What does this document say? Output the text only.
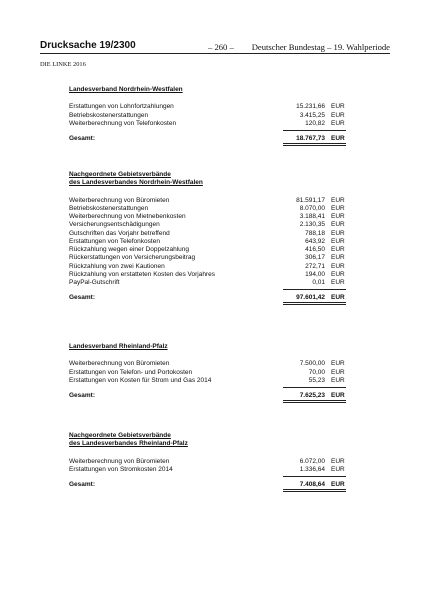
Drucksache 19/2300	– 260 – Deutscher Bundestag – 19. Wahlperiode
DIE LINKE 2016
Landesverband Nordrhein-Westfalen
Erstattungen von Lohnfortzahlungen	15.231,66 EUR
Betriebskostenerstattungen	3.415,25 EUR
Weiterberechnung von Telefonkosten	120,82 EUR
Gesamt:	18.767,73 EUR
Nachgeordnete Gebietsverbände
des Landesverbandes Nordrhein-Westfalen
Weiterberechnung von Büromieten	81.591,17 EUR
Betriebskostenerstattungen	8.070,00 EUR
Weiterberechnung von Mietnebenkosten	3.188,41 EUR
Versicherungsentschädigungen	2.130,35 EUR
Gutschriften das Vorjahr betreffend	788,18 EUR
Erstattungen von Telefonkosten	643,92 EUR
Rückzahlung wegen einer Doppelzahlung	416,50 EUR
Rückerstattungen von Versicherungsbeitrag	306,17 EUR
Rückzahlung von zwei Kautionen	272,71 EUR
Rückzahlung von erstatteten Kosten des Vorjahres	194,00 EUR
PayPal-Gutschrift	0,01 EUR
Gesamt:	97.601,42 EUR
Landesverband Rheinland-Pfalz
Weiterberechnung von Büromieten	7.500,00 EUR
Erstattungen von Telefon- und Portokosten	70,00 EUR
Erstattungen von Kosten für Strom und Gas 2014	55,23 EUR
Gesamt:	7.625,23 EUR
Nachgeordnete Gebietsverbände
des Landesverbandes Rheinland-Pfalz
Weiterberechnung von Büromieten	6.072,00 EUR
Erstattungen von Stromkosten 2014	1.336,64 EUR
Gesamt:	7.408,64 EUR
